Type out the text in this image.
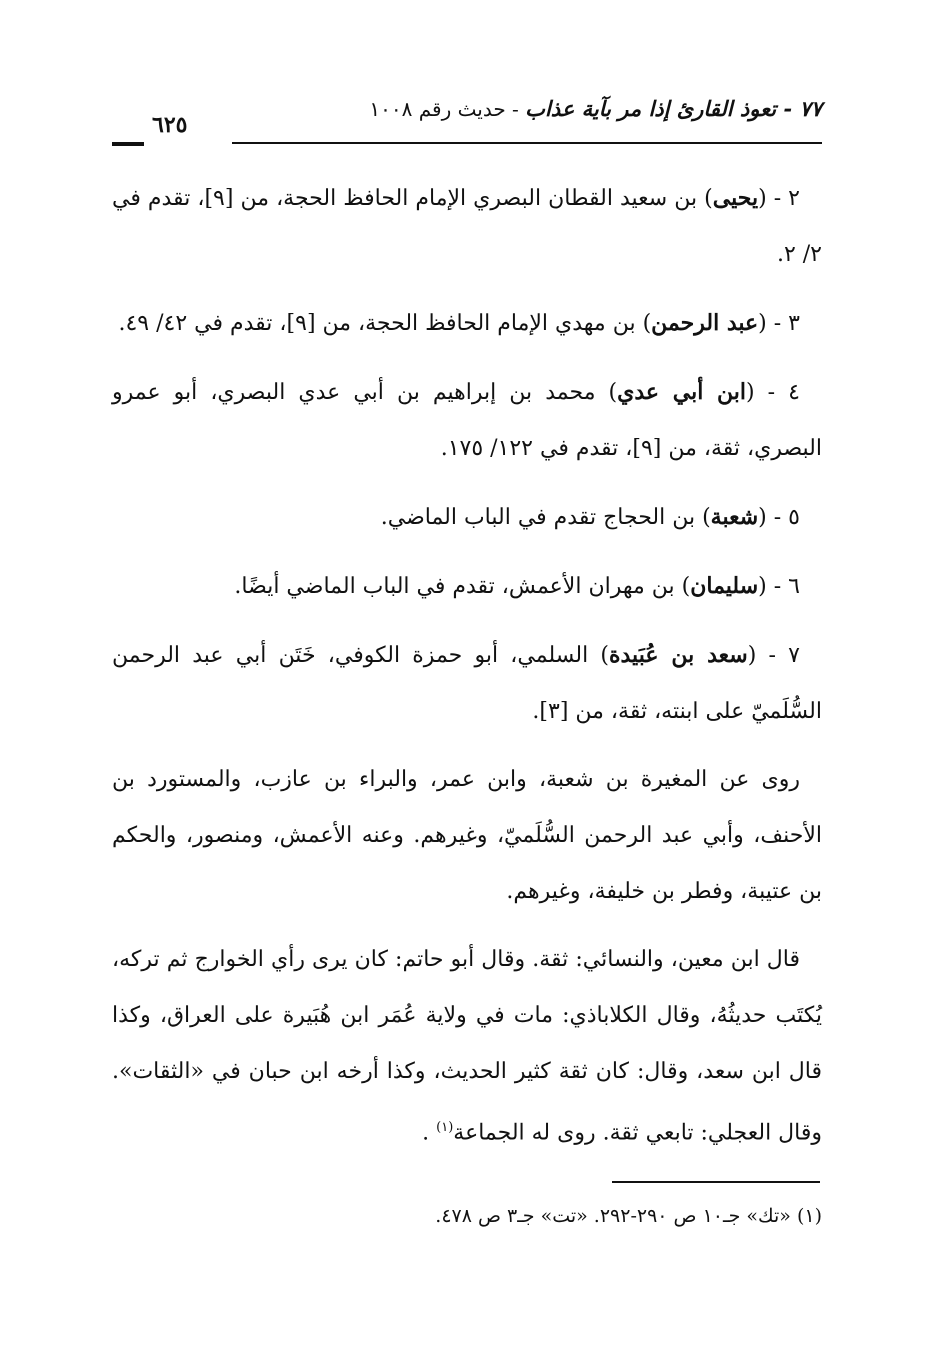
٧٧ - تعوذ القارئ إذا مر بآية عذاب - حديث رقم ١٠٠٨
٦٢٥

٢ - (يحيى) بن سعيد القطان البصري الإمام الحافظ الحجة، من [٩]، تقدم في ٢/ ٢.

٣ - (عبد الرحمن) بن مهدي الإمام الحافظ الحجة، من [٩]، تقدم في ٤٢/ ٤٩.

٤ - (ابن أبي عدي) محمد بن إبراهيم بن أبي عدي البصري، أبو عمرو البصري، ثقة، من [٩]، تقدم في ١٢٢/ ١٧٥.

٥ - (شعبة) بن الحجاج تقدم في الباب الماضي.

٦ - (سليمان) بن مهران الأعمش، تقدم في الباب الماضي أيضًا.

٧ - (سعد بن عُبَيدة) السلمي، أبو حمزة الكوفي، خَتَن أبي عبد الرحمن السُّلَميّ على ابنته، ثقة، من [٣].

روى عن المغيرة بن شعبة، وابن عمر، والبراء بن عازب، والمستورد بن الأحنف، وأبي عبد الرحمن السُّلَميّ، وغيرهم. وعنه الأعمش، ومنصور، والحكم بن عتيبة، وفطر بن خليفة، وغيرهم.

قال ابن معين، والنسائي: ثقة. وقال أبو حاتم: كان يرى رأي الخوارج ثم تركه، يُكتَب حديثُهُ، وقال الكلاباذي: مات في ولاية عُمَر ابن هُبَيرة على العراق، وكذا قال ابن سعد، وقال: كان ثقة كثير الحديث، وكذا أرخه ابن حبان في «الثقات». وقال العجلي: تابعي ثقة. روى له الجماعة$^{(١)}$ .

(١) «تك» جـ١٠ ص ٢٩٠-٢٩٢. «تت» جـ٣ ص ٤٧٨.
